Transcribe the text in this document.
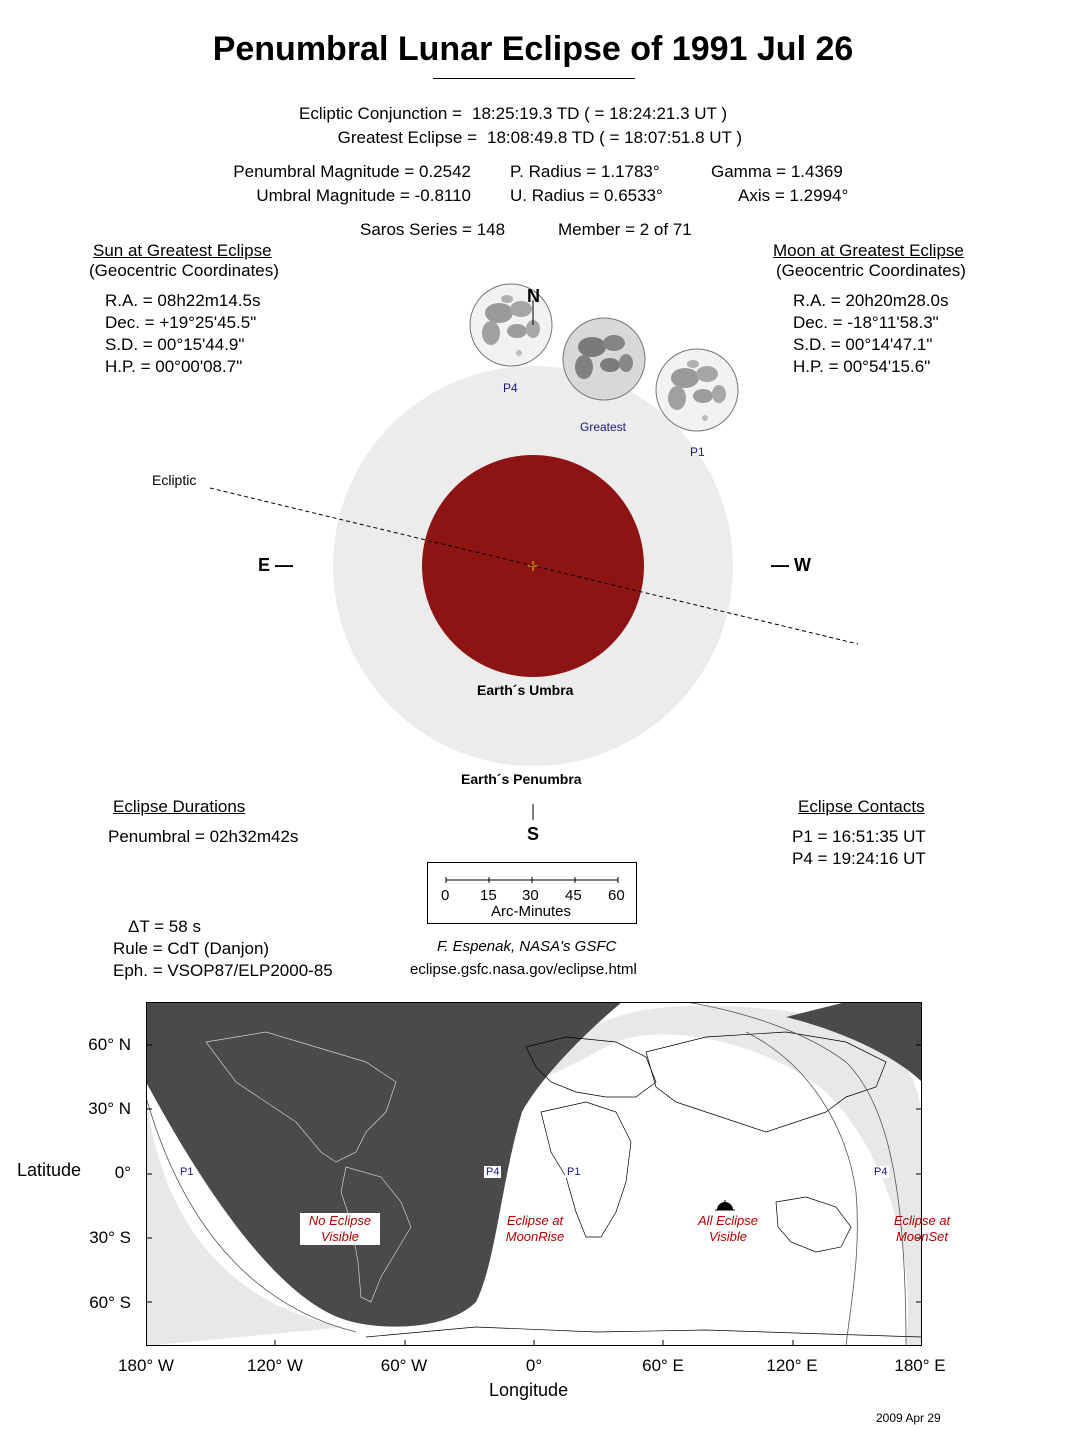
Penumbral Lunar Eclipse of 1991 Jul 26
Ecliptic Conjunction = 18:25:19.3 TD ( = 18:24:21.3 UT )
Greatest Eclipse = 18:08:49.8 TD ( = 18:07:51.8 UT )
Penumbral Magnitude = 0.2542
Umbral Magnitude = -0.8110
P. Radius = 1.1783°
U. Radius = 0.6533°
Gamma = 1.4369
Axis = 1.2994°
Saros Series = 148	Member = 2 of 71
Sun at Greatest Eclipse
(Geocentric Coordinates)
R.A. = 08h22m14.5s
Dec. = +19°25'45.5"
S.D. = 00°15'44.9"
H.P. = 00°00'08.7"
Moon at Greatest Eclipse
(Geocentric Coordinates)
R.A. = 20h20m28.0s
Dec. = -18°11'58.3"
S.D. = 00°14'47.1"
H.P. = 00°54'15.6"
N
S
E —	— W
Ecliptic
Earth´s Umbra
Earth´s Penumbra
P4
Greatest
P1
Eclipse Durations
Penumbral = 02h32m42s
Eclipse Contacts
P1 = 16:51:35 UT
P4 = 19:24:16 UT
0 15 30 45 60
Arc-Minutes
ΔT = 58 s
Rule = CdT (Danjon)
Eph. = VSOP87/ELP2000-85
F. Espenak, NASA's GSFC
eclipse.gsfc.nasa.gov/eclipse.html
P1	P4	P1	P4
No Eclipse
Visible
Eclipse at
MoonRise
All Eclipse
Visible
Eclipse at
MoonSet
60° N
30° N
0°
30° S
60° S
Latitude
180° W	120° W	60° W	0°	60° E	120° E	180° E
Longitude
2009 Apr 29
